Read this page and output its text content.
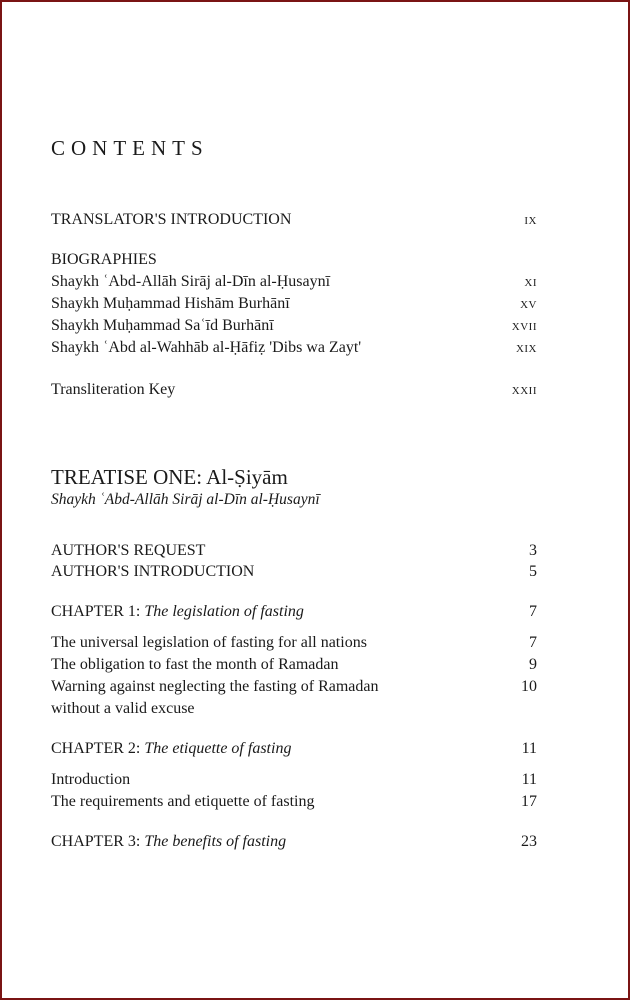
CONTENTS
TRANSLATOR'S INTRODUCTION	ix
BIOGRAPHIES
Shaykh ʿAbd-Allāh Sirāj al-Dīn al-Ḥusaynī	xi
Shaykh Muḥammad Hishām Burhānī	xv
Shaykh Muḥammad Saʿīd Burhānī	xvii
Shaykh ʿAbd al-Wahhāb al-Ḥāfiẓ 'Dibs wa Zayt'	xix
Transliteration Key	xxii
TREATISE ONE: Al-Ṣiyām
Shaykh ʿAbd-Allāh Sirāj al-Dīn al-Ḥusaynī
AUTHOR'S REQUEST	3
AUTHOR'S INTRODUCTION	5
CHAPTER 1: The legislation of fasting	7
The universal legislation of fasting for all nations	7
The obligation to fast the month of Ramadan	9
Warning against neglecting the fasting of Ramadan	10
without a valid excuse
CHAPTER 2: The etiquette of fasting	11
Introduction	11
The requirements and etiquette of fasting	17
CHAPTER 3: The benefits of fasting	23
